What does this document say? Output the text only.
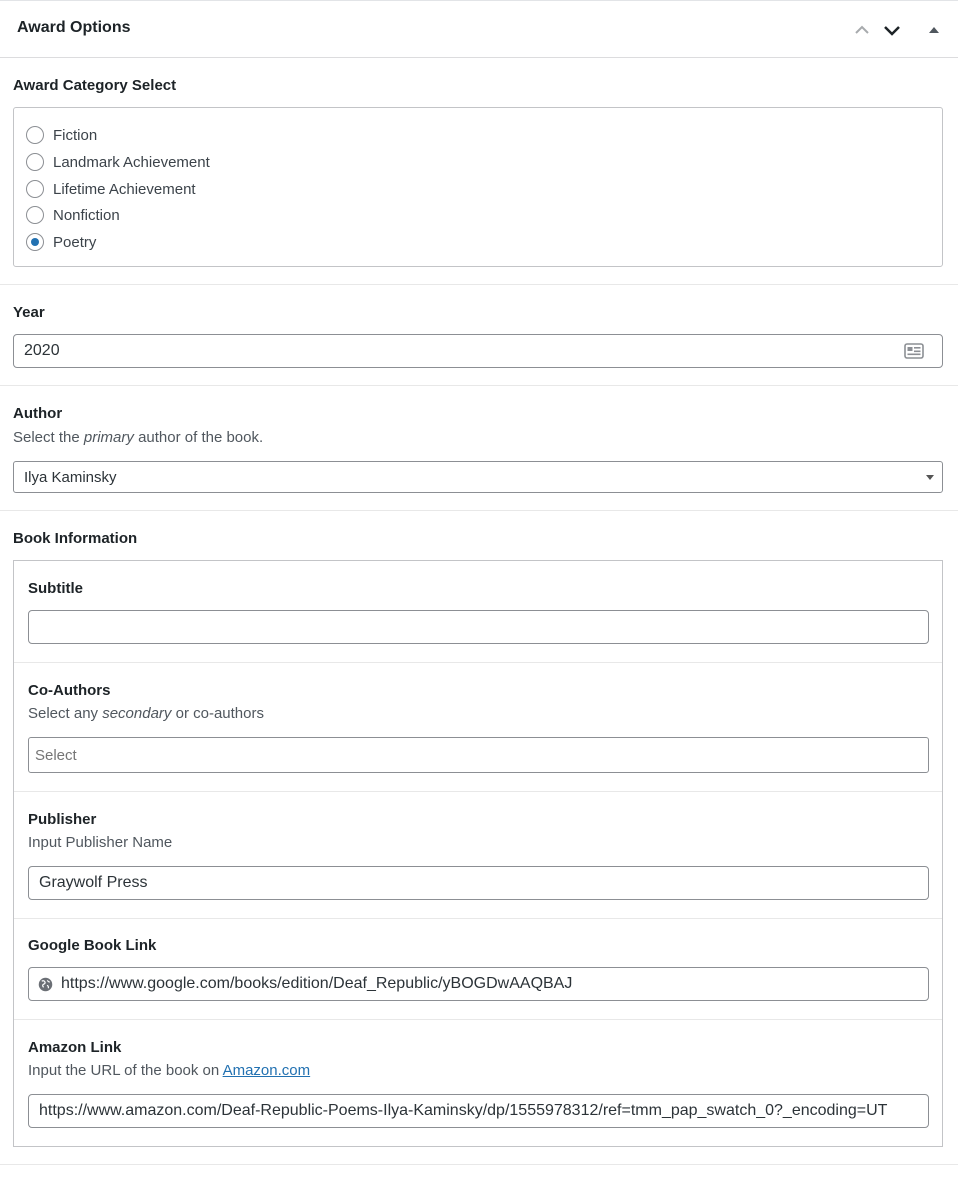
Award Options
Award Category Select
Fiction
Landmark Achievement
Lifetime Achievement
Nonfiction
Poetry
Year
2020
Author
Select the primary author of the book.
Ilya Kaminsky
Book Information
Subtitle
Co-Authors
Select any secondary or co-authors
Select
Publisher
Input Publisher Name
Graywolf Press
Google Book Link
https://www.google.com/books/edition/Deaf_Republic/yBOGDwAAQBAJ
Amazon Link
Input the URL of the book on Amazon.com
https://www.amazon.com/Deaf-Republic-Poems-Ilya-Kaminsky/dp/1555978312/ref=tmm_pap_swatch_0?_encoding=UT
